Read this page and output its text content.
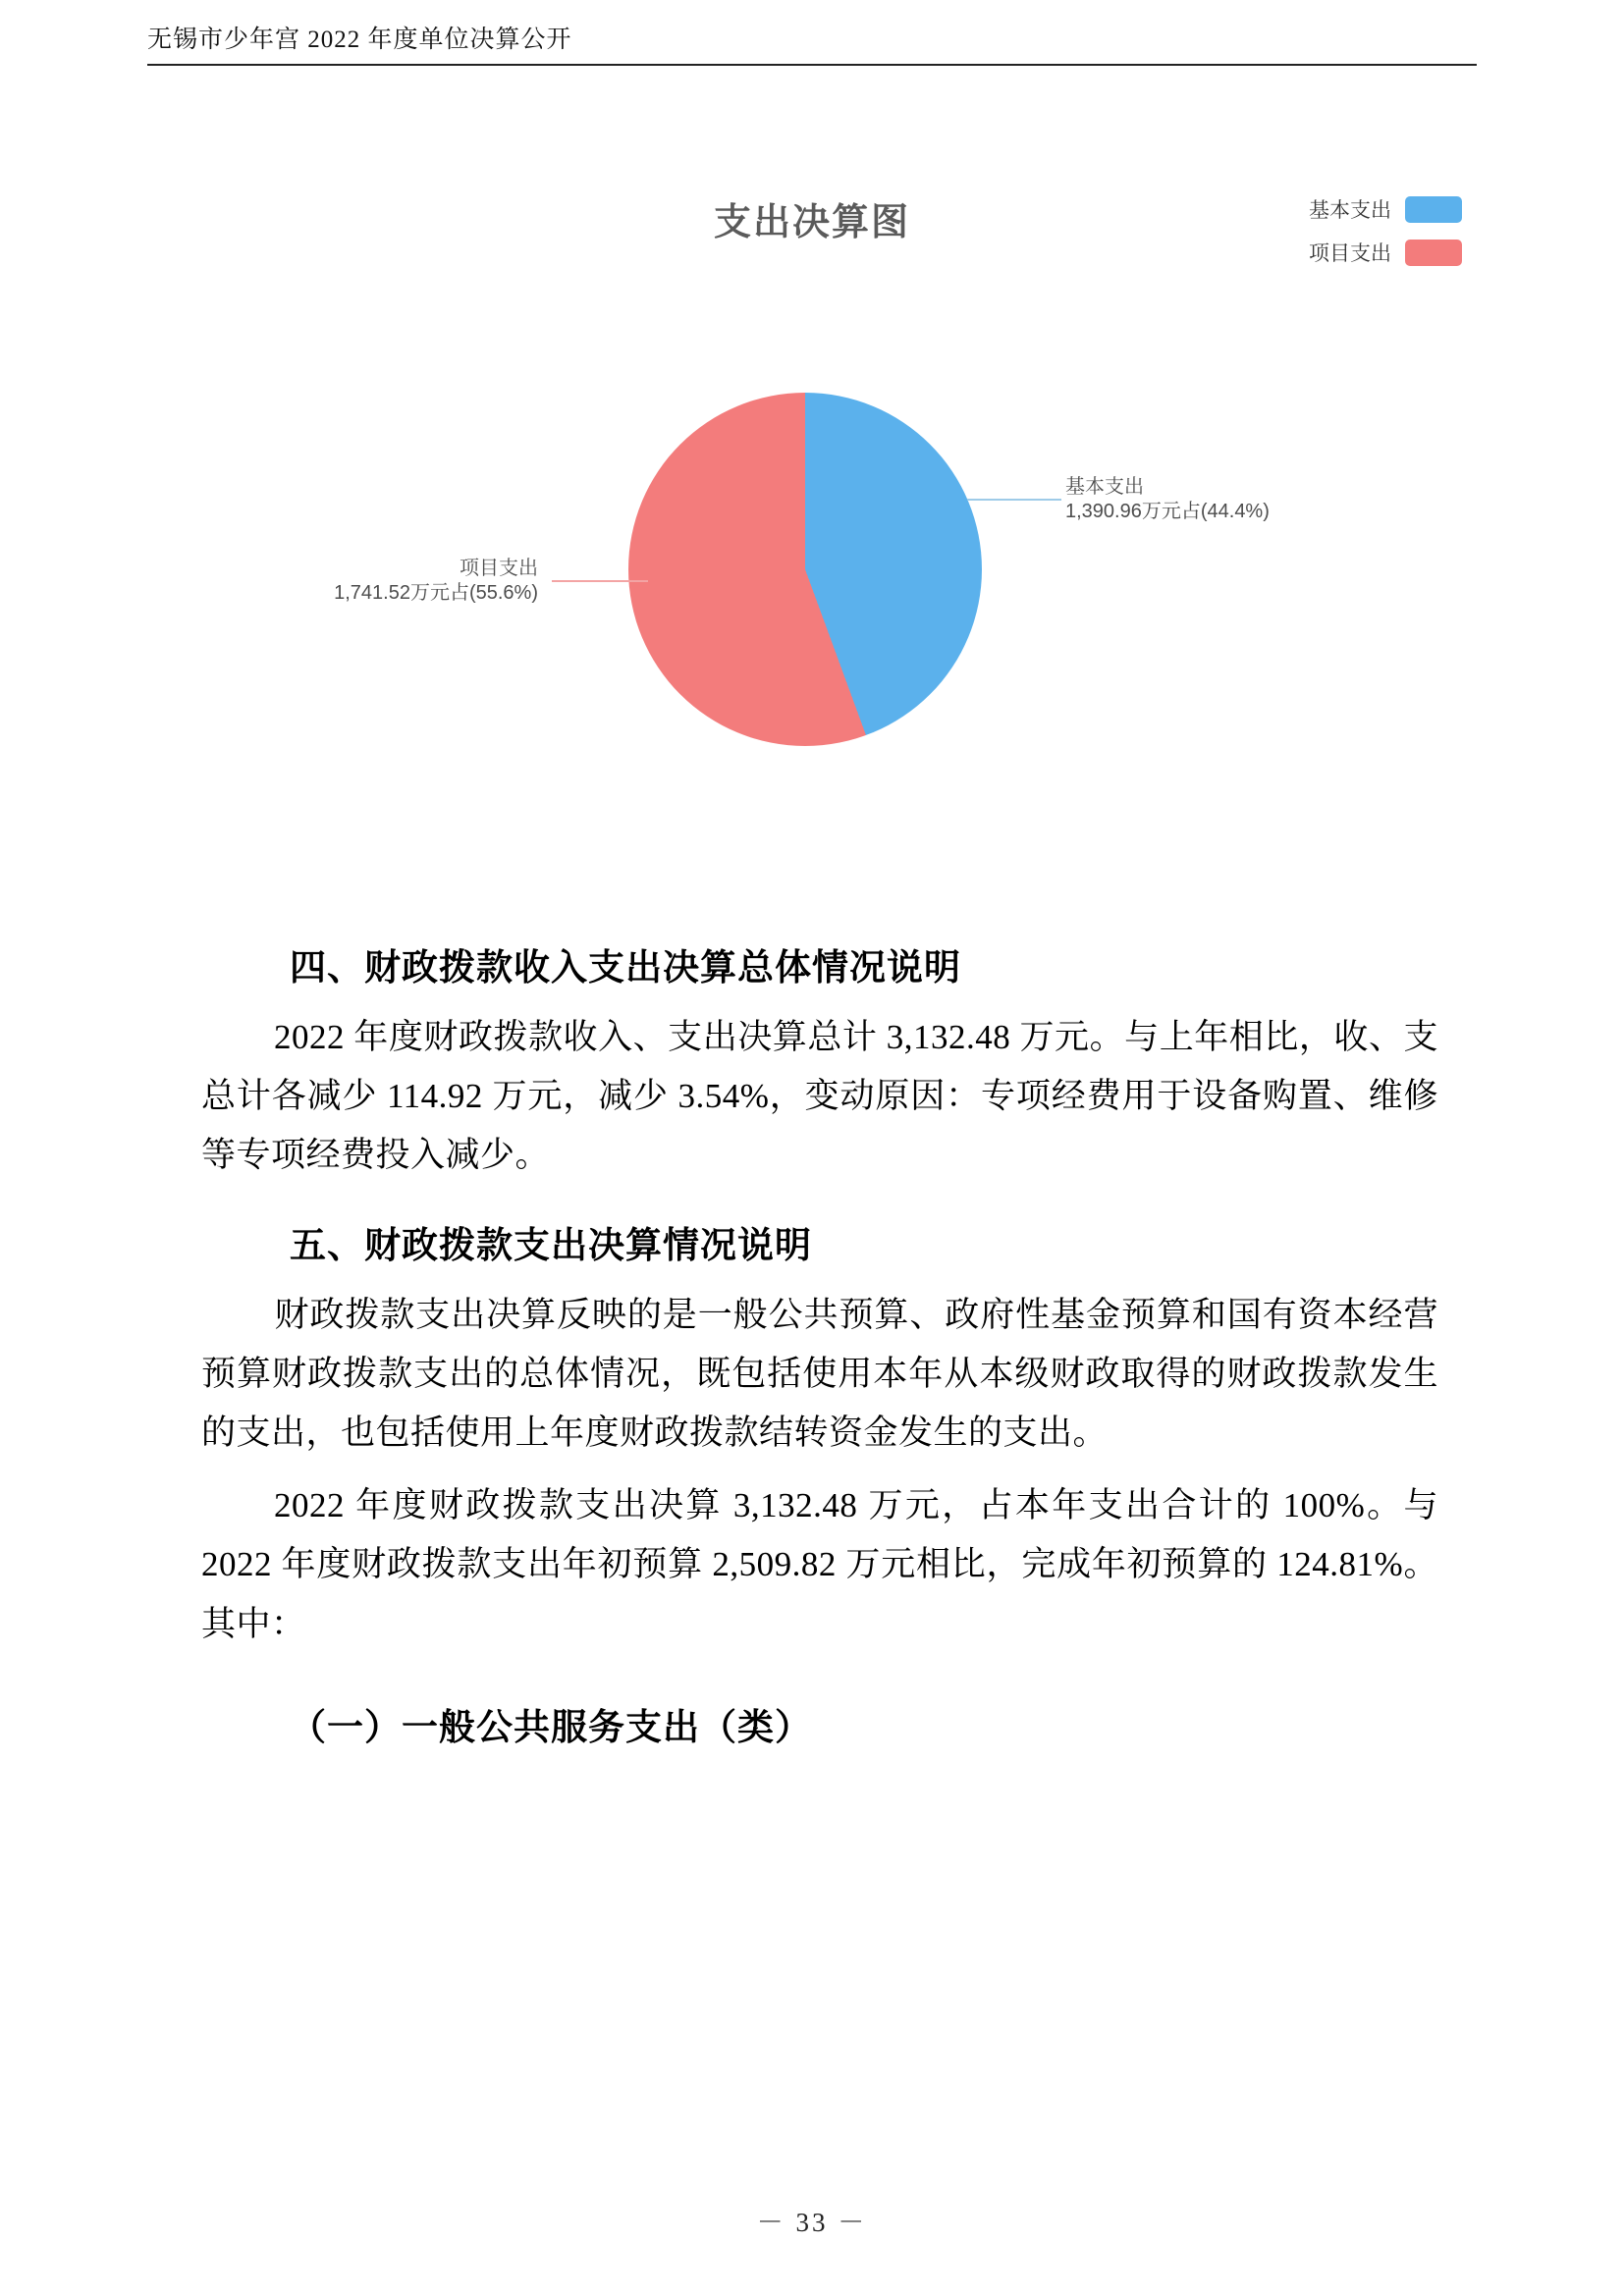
无锡市少年宫 2022 年度单位决算公开
支出决算图	基本支出
项目支出
基本支出
1,390.96万元占(44.4%)
项目支出
1,741.52万元占(55.6%)
四、财政拨款收入支出决算总体情况说明

2022 年度财政拨款收入、支出决算总计 3,132.48 万元。与上年相比，收、支总计各减少 114.92 万元，减少 3.54%，变动原因：专项经费用于设备购置、维修等专项经费投入减少。

五、财政拨款支出决算情况说明

财政拨款支出决算反映的是一般公共预算、政府性基金预算和国有资本经营预算财政拨款支出的总体情况，既包括使用本年从本级财政取得的财政拨款发生的支出，也包括使用上年度财政拨款结转资金发生的支出。

2022 年度财政拨款支出决算 3,132.48 万元，占本年支出合计的 100%。与 2022 年度财政拨款支出年初预算 2,509.82 万元相比，完成年初预算的 124.81%。其中：

（一）一般公共服务支出（类）
－ 33 －
